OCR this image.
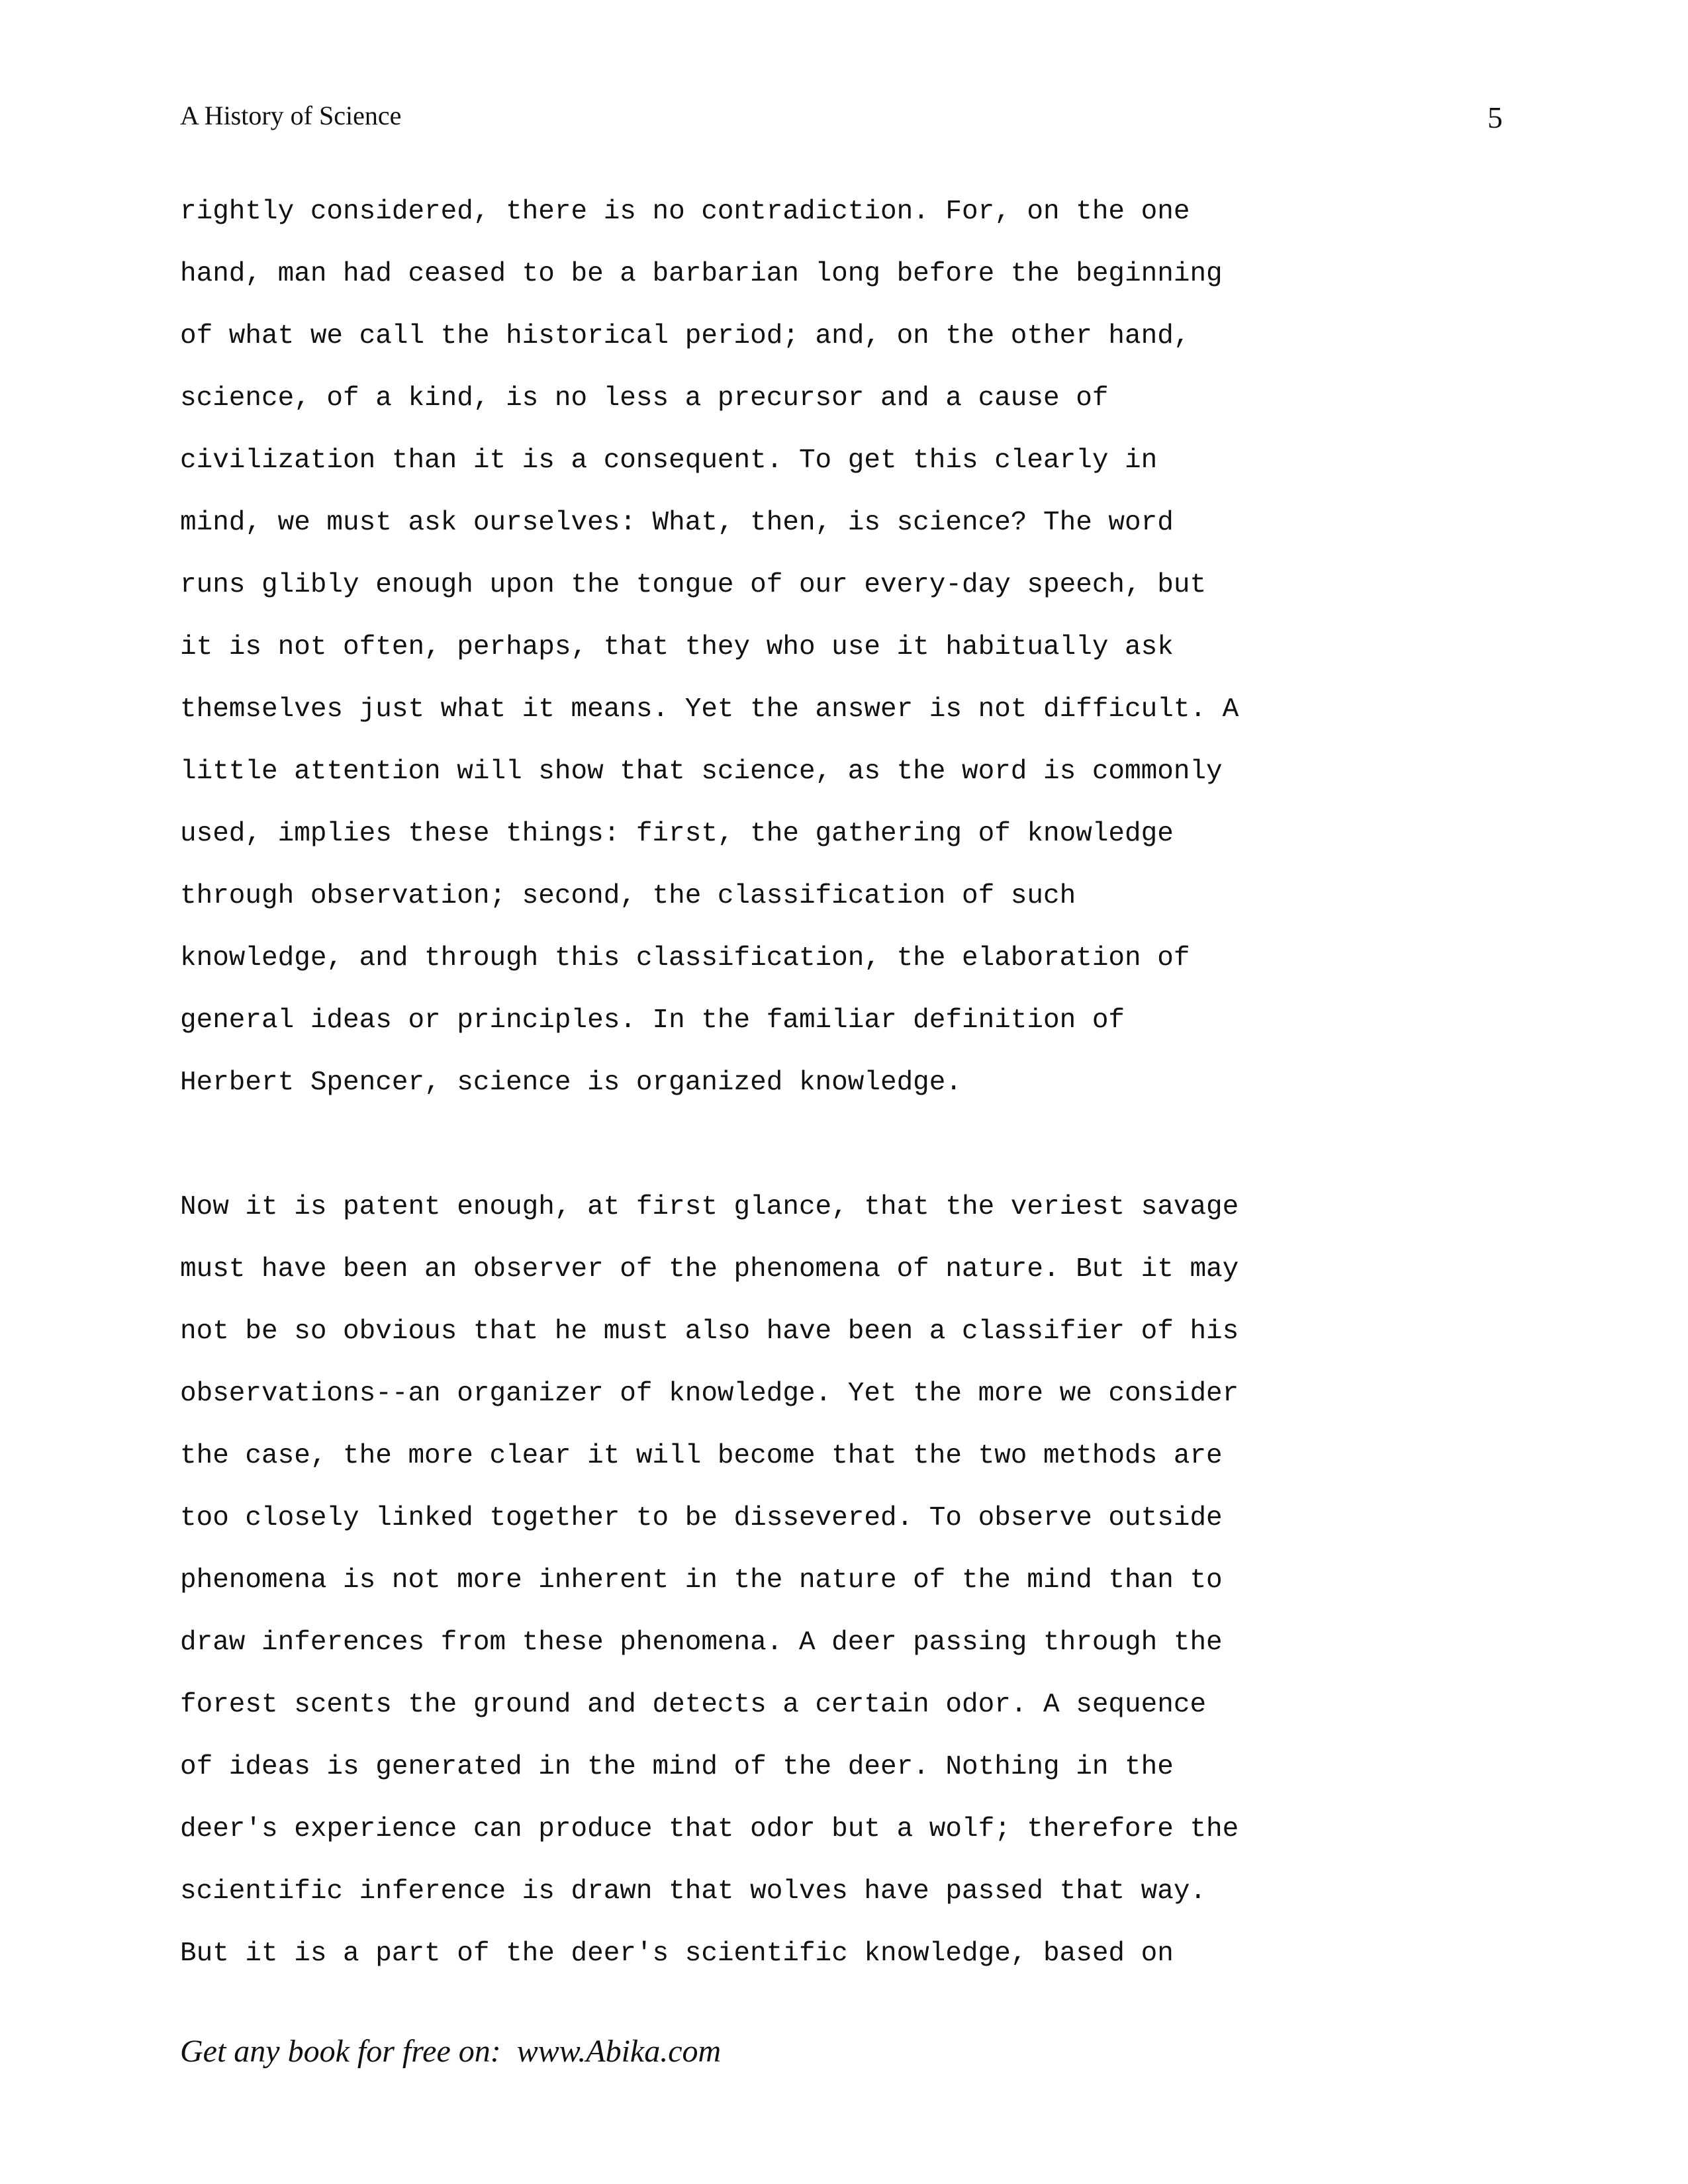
A History of Science	5
rightly considered, there is no contradiction. For, on the one
hand, man had ceased to be a barbarian long before the beginning
of what we call the historical period; and, on the other hand,
science, of a kind, is no less a precursor and a cause of
civilization than it is a consequent. To get this clearly in
mind, we must ask ourselves: What, then, is science? The word
runs glibly enough upon the tongue of our every-day speech, but
it is not often, perhaps, that they who use it habitually ask
themselves just what it means. Yet the answer is not difficult. A
little attention will show that science, as the word is commonly
used, implies these things: first, the gathering of knowledge
through observation; second, the classification of such
knowledge, and through this classification, the elaboration of
general ideas or principles. In the familiar definition of
Herbert Spencer, science is organized knowledge.
Now it is patent enough, at first glance, that the veriest savage
must have been an observer of the phenomena of nature. But it may
not be so obvious that he must also have been a classifier of his
observations--an organizer of knowledge. Yet the more we consider
the case, the more clear it will become that the two methods are
too closely linked together to be dissevered. To observe outside
phenomena is not more inherent in the nature of the mind than to
draw inferences from these phenomena. A deer passing through the
forest scents the ground and detects a certain odor. A sequence
of ideas is generated in the mind of the deer. Nothing in the
deer's experience can produce that odor but a wolf; therefore the
scientific inference is drawn that wolves have passed that way.
But it is a part of the deer's scientific knowledge, based on
Get any book for free on:  www.Abika.com
